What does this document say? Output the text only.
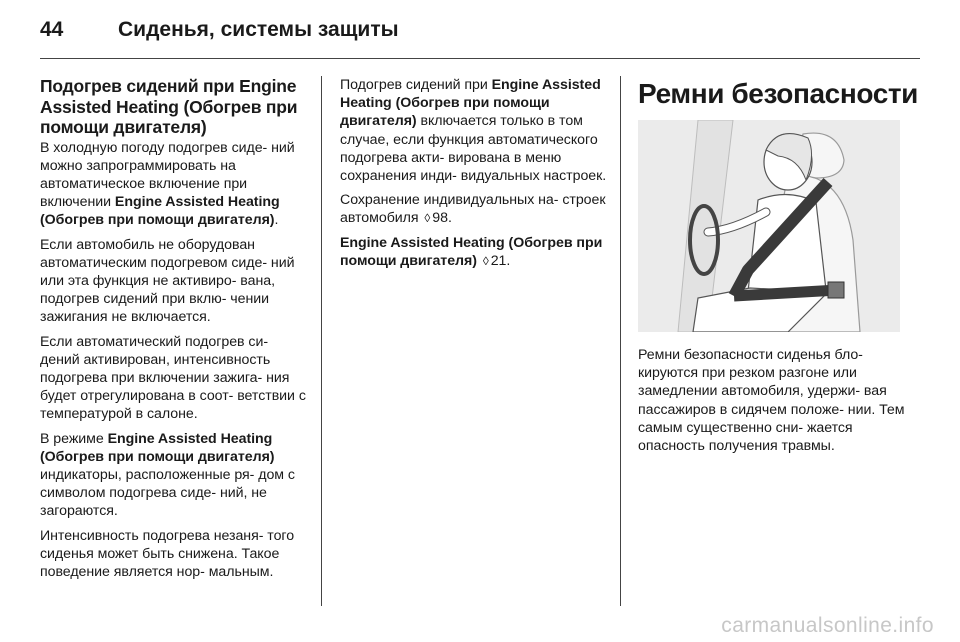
44	Сиденья, системы защиты
Подогрев сидений при Engine Assisted Heating (Обогрев при помощи двигателя)

В холодную погоду подогрев сиде- ний можно запрограммировать на автоматическое включение при включении Engine Assisted Heating (Обогрев при помощи двигателя).

Если автомобиль не оборудован автоматическим подогревом сиде- ний или эта функция не активиро- вана, подогрев сидений при вклю- чении зажигания не включается.

Если автоматический подогрев си- дений активирован, интенсивность подогрева при включении зажига- ния будет отрегулирована в соот- ветствии с температурой в салоне.

В режиме Engine Assisted Heating (Обогрев при помощи двигателя) индикаторы, расположенные ря- дом с символом подогрева сиде- ний, не загораются.

Интенсивность подогрева незаня- того сиденья может быть снижена. Такое поведение является нор- мальным.

Подогрев сидений при Engine Assisted Heating (Обогрев при помощи двигателя) включается только в том случае, если функция автоматического подогрева акти- вирована в меню сохранения инди- видуальных настроек.

Сохранение индивидуальных на- строек автомобиля ◊ 98.

Engine Assisted Heating (Обогрев при помощи двигателя) ◊ 21.

Ремни безопасности

Ремни безопасности сиденья бло- кируются при резком разгоне или замедлении автомобиля, удержи- вая пассажиров в сидячем положе- нии. Тем самым существенно сни- жается опасность получения травмы.

carmanualsonline.info
